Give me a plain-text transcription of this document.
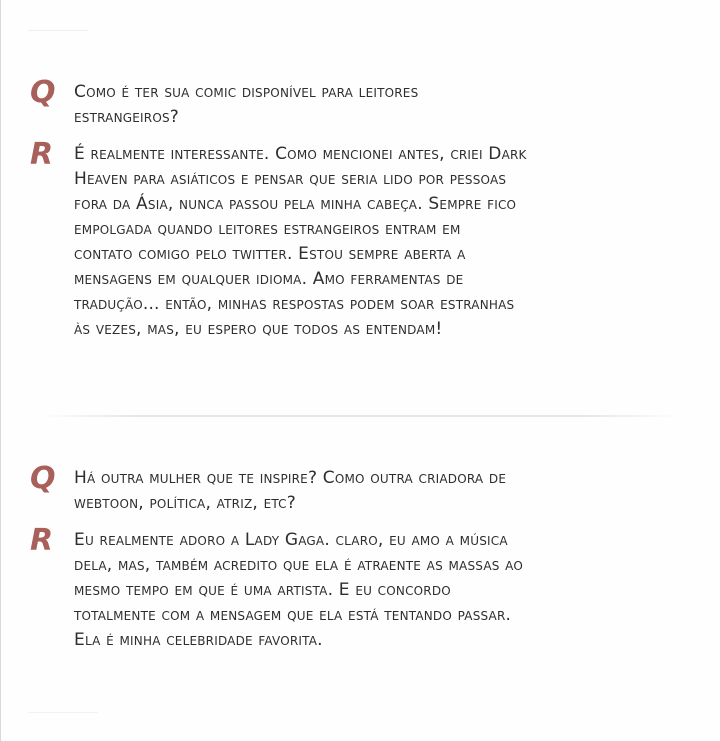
Q Como é ter sua comic disponível para leitores
estrangeiros?
R É realmente interessante. Como mencionei antes, criei Dark
Heaven para asiáticos e pensar que seria lido por pessoas
fora da Ásia, nunca passou pela minha cabeça. Sempre fico
empolgada quando leitores estrangeiros entram em
contato comigo pelo twitter. Estou sempre aberta a
mensagens em qualquer idioma. Amo ferramentas de
tradução... então, minhas respostas podem soar estranhas
às vezes, mas, eu espero que todos as entendam!
Q Há outra mulher que te inspire? Como outra criadora de
webtoon, política, atriz, etc?
R Eu realmente adoro a Lady Gaga. claro, eu amo a música
dela, mas, também acredito que ela é atraente as massas ao
mesmo tempo em que é uma artista. E eu concordo
totalmente com a mensagem que ela está tentando passar.
Ela é minha celebridade favorita.
